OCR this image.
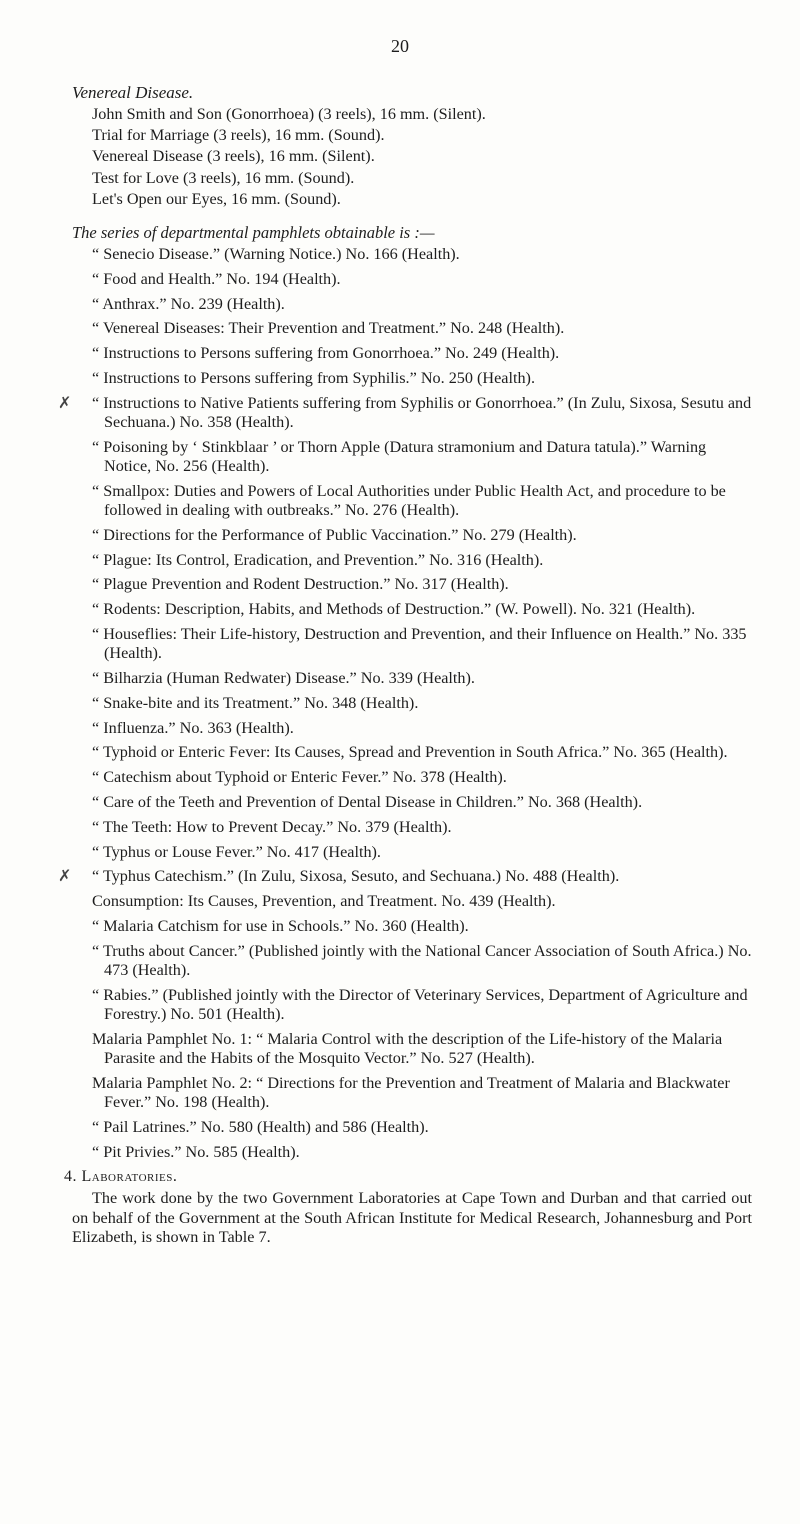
20
Venereal Disease.
John Smith and Son (Gonorrhoea) (3 reels), 16 mm. (Silent).
Trial for Marriage (3 reels), 16 mm. (Sound).
Venereal Disease (3 reels), 16 mm. (Silent).
Test for Love (3 reels), 16 mm. (Sound).
Let's Open our Eyes, 16 mm. (Sound).
The series of departmental pamphlets obtainable is :—
“ Senecio Disease.” (Warning Notice.) No. 166 (Health).
“ Food and Health.” No. 194 (Health).
“ Anthrax.” No. 239 (Health).
“ Venereal Diseases: Their Prevention and Treatment.” No. 248 (Health).
“ Instructions to Persons suffering from Gonorrhoea.” No. 249 (Health).
“ Instructions to Persons suffering from Syphilis.” No. 250 (Health).
✗ “ Instructions to Native Patients suffering from Syphilis or Gonorrhoea.” (In Zulu, Sixosa, Sesutu and Sechuana.) No. 358 (Health).
“ Poisoning by ‘ Stinkblaar ’ or Thorn Apple (Datura stramonium and Datura tatula).” Warning Notice, No. 256 (Health).
“ Smallpox: Duties and Powers of Local Authorities under Public Health Act, and procedure to be followed in dealing with outbreaks.” No. 276 (Health).
“ Directions for the Performance of Public Vaccination.” No. 279 (Health).
“ Plague: Its Control, Eradication, and Prevention.” No. 316 (Health).
“ Plague Prevention and Rodent Destruction.” No. 317 (Health).
“ Rodents: Description, Habits, and Methods of Destruction.” (W. Powell). No. 321 (Health).
“ Houseflies: Their Life-history, Destruction and Prevention, and their Influence on Health.” No. 335 (Health).
“ Bilharzia (Human Redwater) Disease.” No. 339 (Health).
“ Snake-bite and its Treatment.” No. 348 (Health).
“ Influenza.” No. 363 (Health).
“ Typhoid or Enteric Fever: Its Causes, Spread and Prevention in South Africa.” No. 365 (Health).
“ Catechism about Typhoid or Enteric Fever.” No. 378 (Health).
“ Care of the Teeth and Prevention of Dental Disease in Children.” No. 368 (Health).
“ The Teeth: How to Prevent Decay.” No. 379 (Health).
“ Typhus or Louse Fever.” No. 417 (Health).
✗ “ Typhus Catechism.” (In Zulu, Sixosa, Sesuto, and Sechuana.) No. 488 (Health).
Consumption: Its Causes, Prevention, and Treatment. No. 439 (Health).
“ Malaria Catchism for use in Schools.” No. 360 (Health).
“ Truths about Cancer.” (Published jointly with the National Cancer Association of South Africa.) No. 473 (Health).
“ Rabies.” (Published jointly with the Director of Veterinary Services, Department of Agriculture and Forestry.) No. 501 (Health).
Malaria Pamphlet No. 1: “ Malaria Control with the description of the Life-history of the Malaria Parasite and the Habits of the Mosquito Vector.” No. 527 (Health).
Malaria Pamphlet No. 2: “ Directions for the Prevention and Treatment of Malaria and Blackwater Fever.” No. 198 (Health).
“ Pail Latrines.” No. 580 (Health) and 586 (Health).
“ Pit Privies.” No. 585 (Health).
4. Laboratories.

The work done by the two Government Laboratories at Cape Town and Durban and that carried out on behalf of the Government at the South African Institute for Medical Research, Johannesburg and Port Elizabeth, is shown in Table 7.
